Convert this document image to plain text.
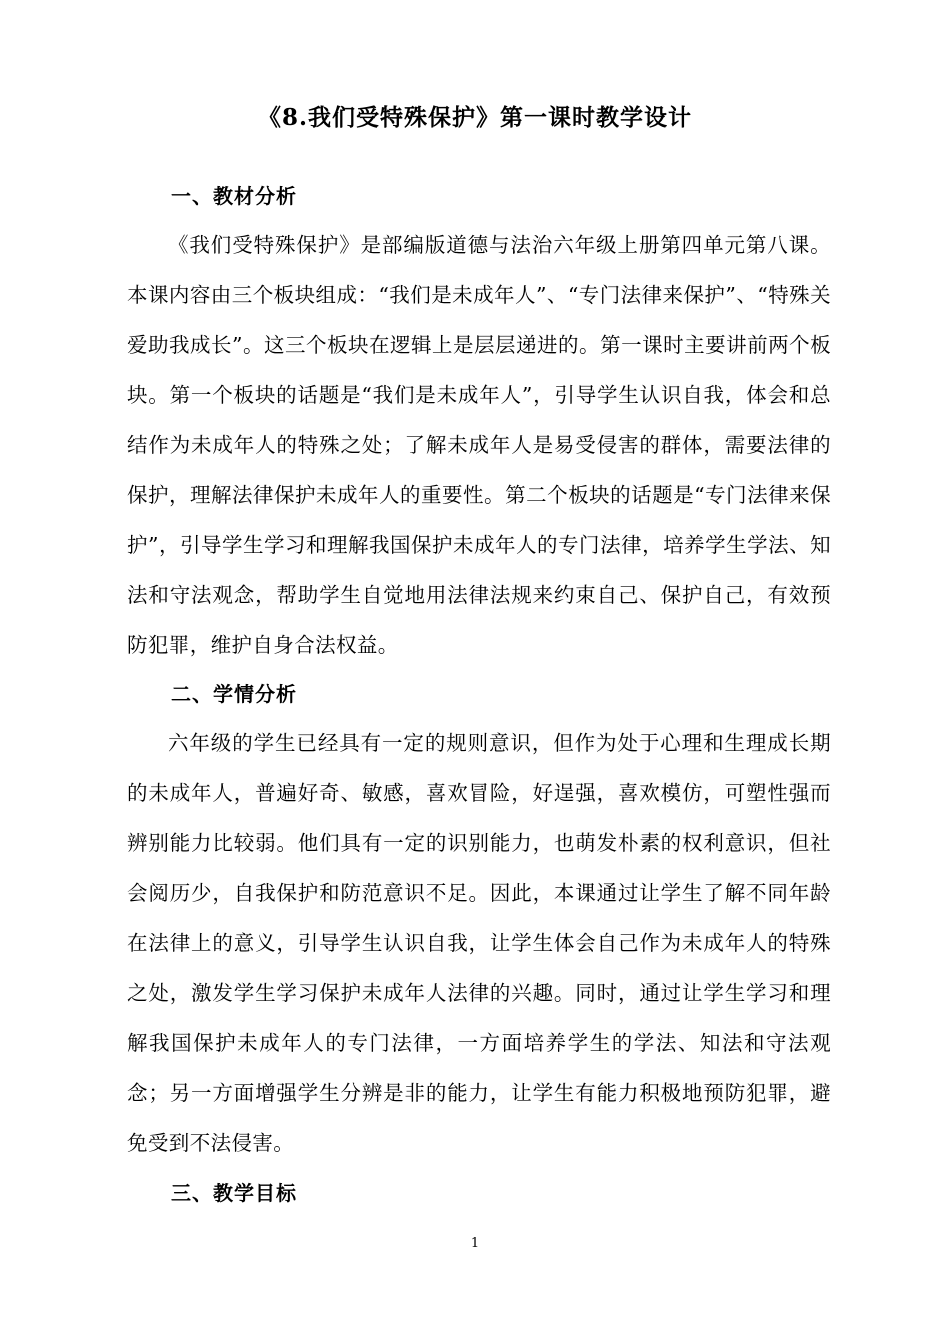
《8.我们受特殊保护》第一课时教学设计
一、教材分析
《我们受特殊保护》是部编版道德与法治六年级上册第四单元第八课。本课内容由三个板块组成：“我们是未成年人”、“专门法律来保护”、“特殊关爱助我成长”。这三个板块在逻辑上是层层递进的。第一课时主要讲前两个板块。第一个板块的话题是“我们是未成年人”，引导学生认识自我，体会和总结作为未成年人的特殊之处；了解未成年人是易受侵害的群体，需要法律的保护，理解法律保护未成年人的重要性。第二个板块的话题是“专门法律来保护”，引导学生学习和理解我国保护未成年人的专门法律，培养学生学法、知法和守法观念，帮助学生自觉地用法律法规来约束自己、保护自己，有效预防犯罪，维护自身合法权益。
二、学情分析
六年级的学生已经具有一定的规则意识，但作为处于心理和生理成长期的未成年人，普遍好奇、敏感，喜欢冒险，好逞强，喜欢模仿，可塑性强而辨别能力比较弱。他们具有一定的识别能力，也萌发朴素的权利意识，但社会阅历少，自我保护和防范意识不足。因此，本课通过让学生了解不同年龄在法律上的意义，引导学生认识自我，让学生体会自己作为未成年人的特殊之处，激发学生学习保护未成年人法律的兴趣。同时，通过让学生学习和理解我国保护未成年人的专门法律，一方面培养学生的学法、知法和守法观念；另一方面增强学生分辨是非的能力，让学生有能力积极地预防犯罪，避免受到不法侵害。
三、教学目标
1
